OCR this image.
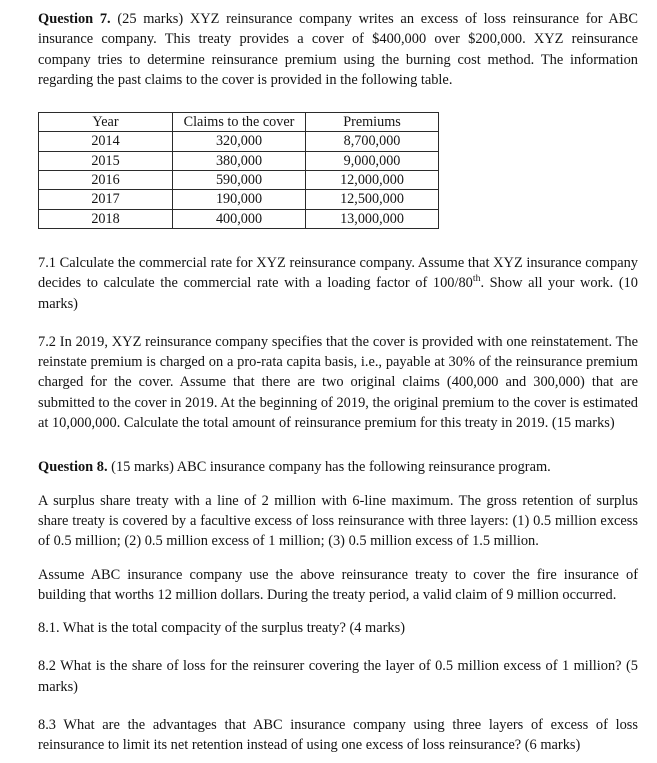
Question 7. (25 marks) XYZ reinsurance company writes an excess of loss reinsurance for ABC insurance company. This treaty provides a cover of $400,000 over $200,000. XYZ reinsurance company tries to determine reinsurance premium using the burning cost method. The information regarding the past claims to the cover is provided in the following table.

Year	Claims to the cover	Premiums
2014	320,000	8,700,000
2015	380,000	9,000,000
2016	590,000	12,000,000
2017	190,000	12,500,000
2018	400,000	13,000,000

7.1 Calculate the commercial rate for XYZ reinsurance company. Assume that XYZ insurance company decides to calculate the commercial rate with a loading factor of 100/80th. Show all your work. (10 marks)

7.2 In 2019, XYZ reinsurance company specifies that the cover is provided with one reinstatement. The reinstate premium is charged on a pro-rata capita basis, i.e., payable at 30% of the reinsurance premium charged for the cover. Assume that there are two original claims (400,000 and 300,000) that are submitted to the cover in 2019. At the beginning of 2019, the original premium to the cover is estimated at 10,000,000. Calculate the total amount of reinsurance premium for this treaty in 2019. (15 marks)

Question 8. (15 marks) ABC insurance company has the following reinsurance program.

A surplus share treaty with a line of 2 million with 6-line maximum. The gross retention of surplus share treaty is covered by a facultive excess of loss reinsurance with three layers: (1) 0.5 million excess of 0.5 million; (2) 0.5 million excess of 1 million; (3) 0.5 million excess of 1.5 million.

Assume ABC insurance company use the above reinsurance treaty to cover the fire insurance of building that worths 12 million dollars. During the treaty period, a valid claim of 9 million occurred.

8.1. What is the total compacity of the surplus treaty? (4 marks)

8.2 What is the share of loss for the reinsurer covering the layer of 0.5 million excess of 1 million? (5 marks)

8.3 What are the advantages that ABC insurance company using three layers of excess of loss reinsurance to limit its net retention instead of using one excess of loss reinsurance? (6 marks)
